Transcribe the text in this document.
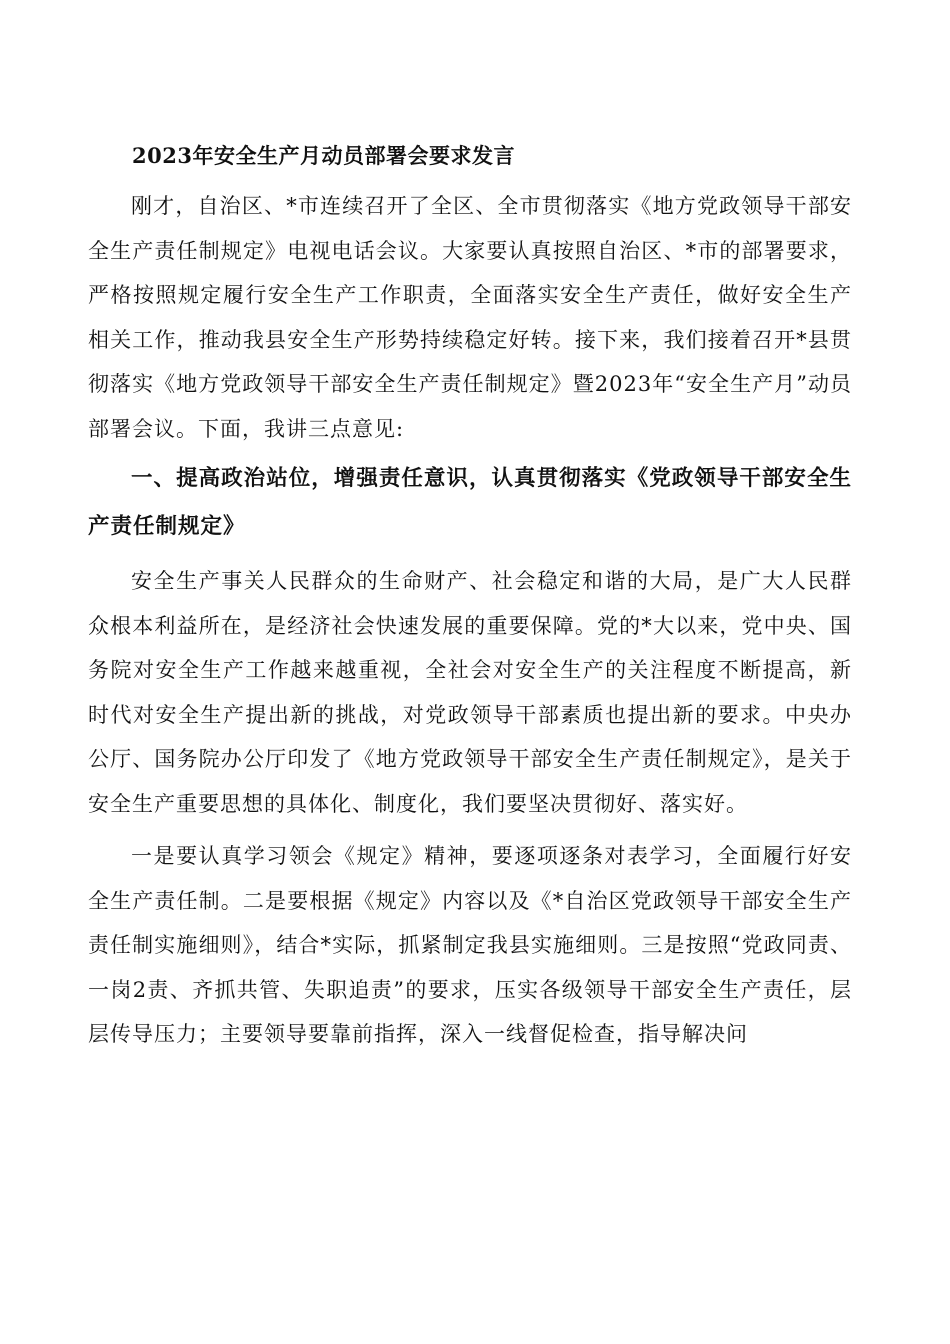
2023年安全生产月动员部署会要求发言

刚才，自治区、*市连续召开了全区、全市贯彻落实《地方党政领导干部安全生产责任制规定》电视电话会议。大家要认真按照自治区、*市的部署要求，严格按照规定履行安全生产工作职责，全面落实安全生产责任，做好安全生产相关工作，推动我县安全生产形势持续稳定好转。接下来，我们接着召开*县贯彻落实《地方党政领导干部安全生产责任制规定》暨2023年“安全生产月”动员部署会议。下面，我讲三点意见:

一、提高政治站位，增强责任意识，认真贯彻落实《党政领导干部安全生产责任制规定》

安全生产事关人民群众的生命财产、社会稳定和谐的大局，是广大人民群众根本利益所在，是经济社会快速发展的重要保障。党的*大以来，党中央、国务院对安全生产工作越来越重视，全社会对安全生产的关注程度不断提高，新时代对安全生产提出新的挑战，对党政领导干部素质也提出新的要求。中央办公厅、国务院办公厅印发了《地方党政领导干部安全生产责任制规定》，是关于安全生产重要思想的具体化、制度化，我们要坚决贯彻好、落实好。

一是要认真学习领会《规定》精神，要逐项逐条对表学习，全面履行好安全生产责任制。二是要根据《规定》内容以及《*自治区党政领导干部安全生产责任制实施细则》，结合*实际，抓紧制定我县实施细则。三是按照“党政同责、一岗2责、齐抓共管、失职追责”的要求，压实各级领导干部安全生产责任，层层传导压力；主要领导要靠前指挥，深入一线督促检查，指导解决问
